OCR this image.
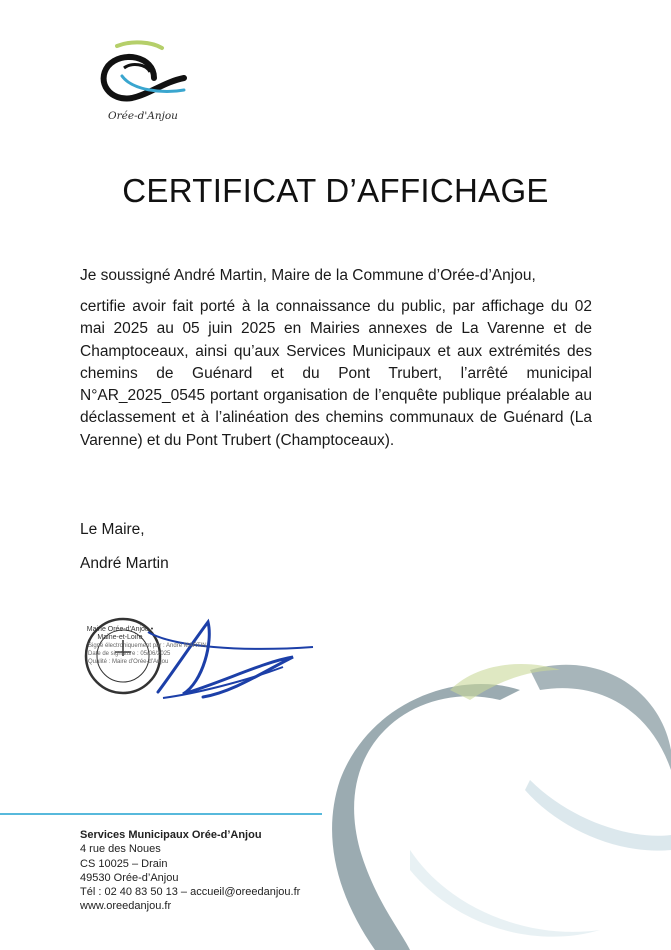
Orée-d'Anjou
CERTIFICAT D’AFFICHAGE
Je soussigné André Martin, Maire de la Commune d’Orée-d’Anjou,
certifie avoir fait porté à la connaissance du public, par affichage du 02 mai 2025 au 05 juin 2025 en Mairies annexes de La Varenne et de Champtoceaux, ainsi qu’aux Services Municipaux et aux extrémités des chemins de Guénard et du Pont Trubert, l’arrêté municipal N°AR_2025_0545 portant organisation de l’enquête publique préalable au déclassement et à l’alinéation des chemins communaux de Guénard (La Varenne) et du Pont Trubert (Champtoceaux).
Le Maire,
André Martin
Mairie Orée-d'Anjou • Maine-et-Loire
Signé électroniquement par : André MARTIN
Date de signature : 05/06/2025
Qualité : Maire d'Orée-d'Anjou
Services Municipaux Orée-d’Anjou
4 rue des Noues
CS 10025 – Drain
49530 Orée-d’Anjou
Tél : 02 40 83 50 13 – accueil@oreedanjou.fr
www.oreedanjou.fr
